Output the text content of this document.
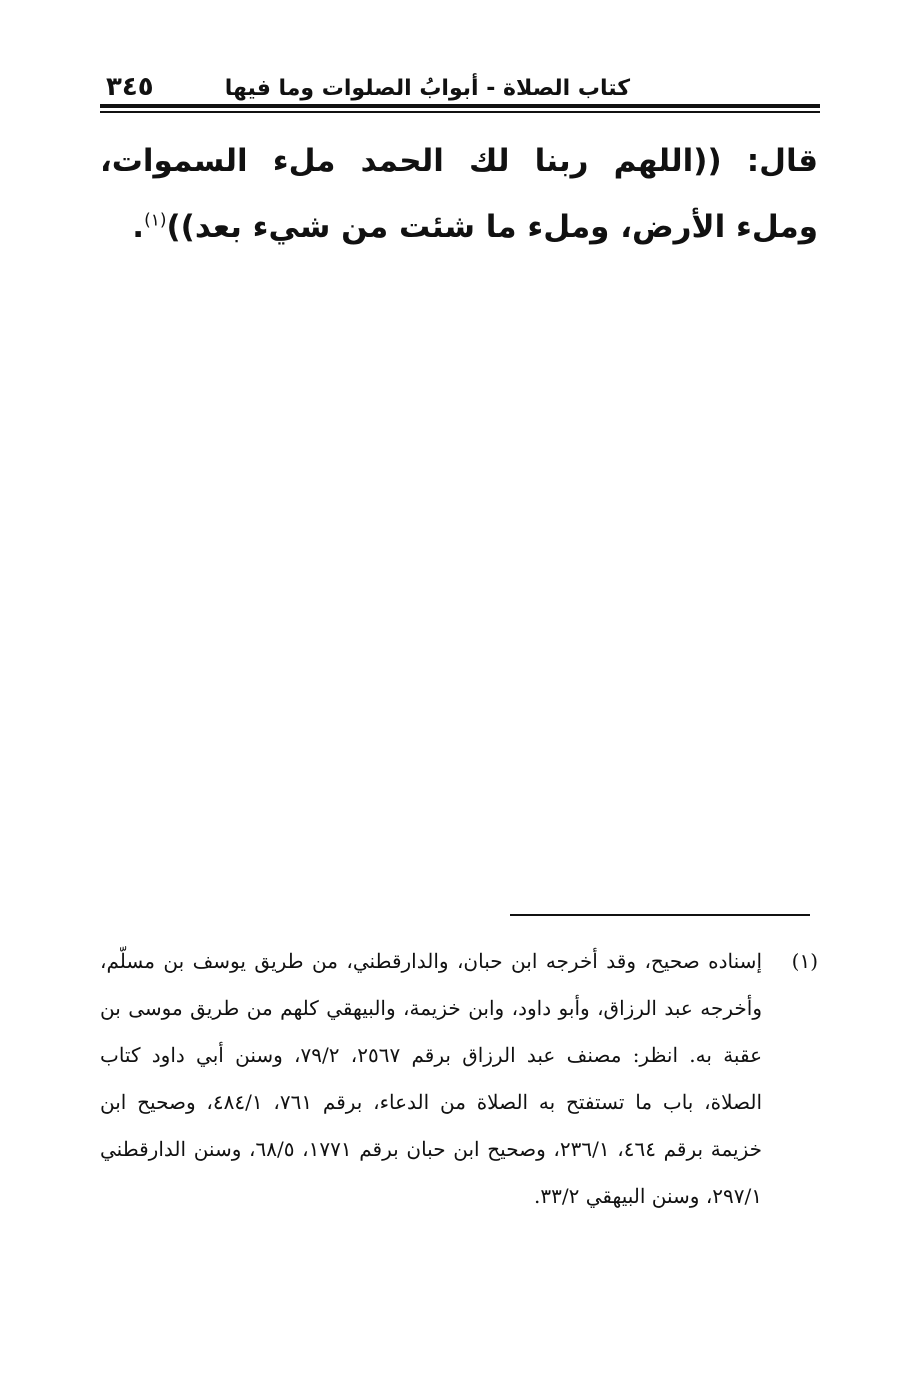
كتاب الصلاة - أبوابُ الصلوات وما فيها
٣٤٥
قال: ((اللهم ربنا لك الحمد ملء السموات، وملء الأرض، وملء ما شئت من شيء بعد))$^{(١)}$.
(١)
إسناده صحيح، وقد أخرجه ابن حبان، والدارقطني، من طريق يوسف بن مسلّم، وأخرجه عبد الرزاق، وأبو داود، وابن خزيمة، والبيهقي كلهم من طريق موسى بن عقبة به. انظر: مصنف عبد الرزاق برقم ٢٥٦٧، ٧٩/٢، وسنن أبي داود كتاب الصلاة، باب ما تستفتح به الصلاة من الدعاء، برقم ٧٦١، ٤٨٤/١، وصحيح ابن خزيمة برقم ٤٦٤، ٢٣٦/١، وصحيح ابن حبان برقم ١٧٧١، ٦٨/٥، وسنن الدارقطني ٢٩٧/١، وسنن البيهقي ٣٣/٢.
